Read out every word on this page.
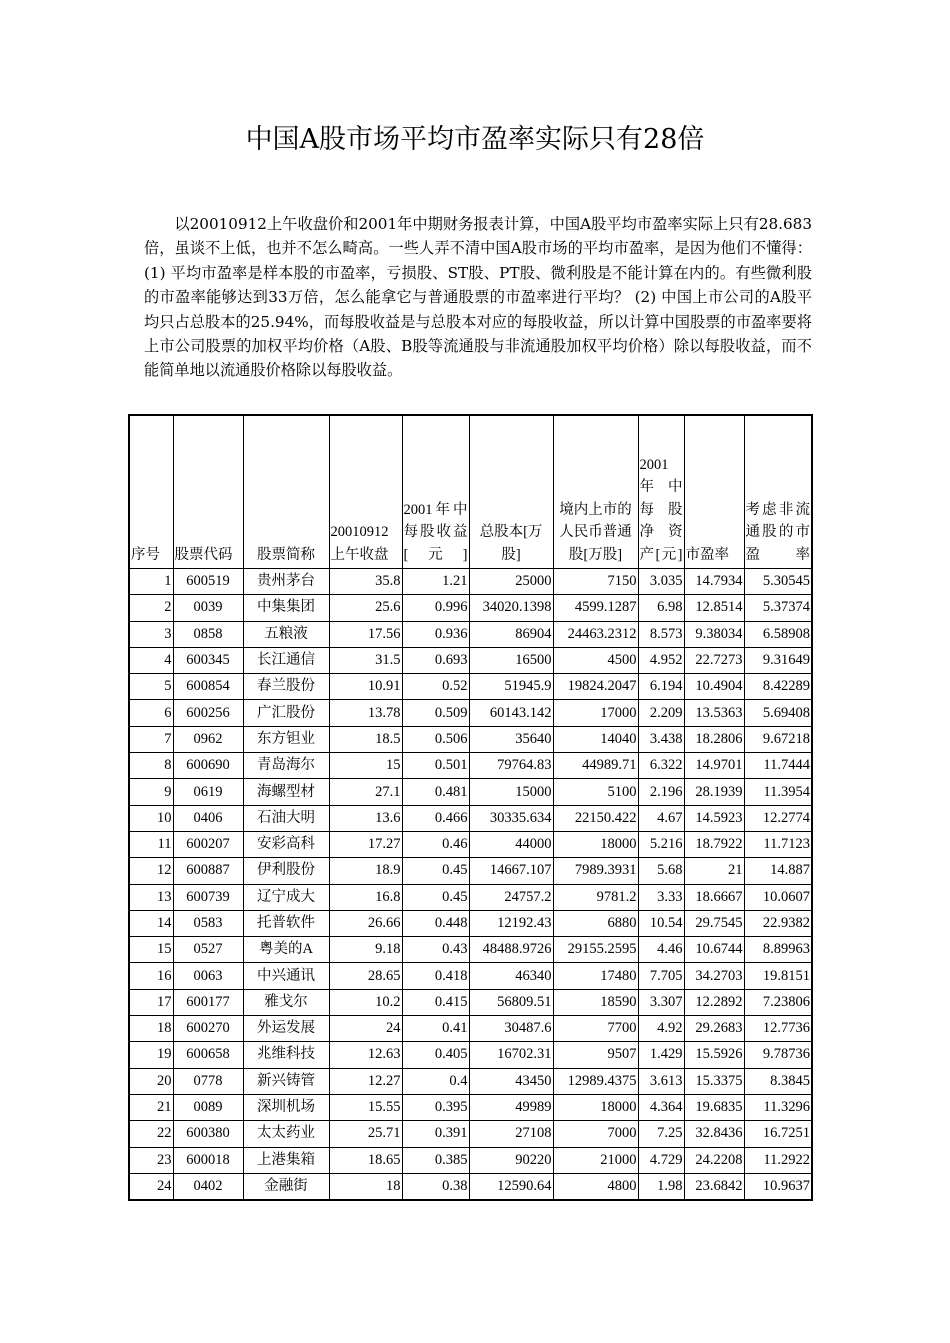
中国A股市场平均市盈率实际只有28倍

以20010912上午收盘价和2001年中期财务报表计算，中国A股平均市盈率实际上只有28.683倍，虽谈不上低，也并不怎么畸高。一些人弄不清中国A股市场的平均市盈率，是因为他们不懂得：(1) 平均市盈率是样本股的市盈率，亏损股、ST股、PT股、微利股是不能计算在内的。有些微利股的市盈率能够达到33万倍，怎么能拿它与普通股票的市盈率进行平均？ (2) 中国上市公司的A股平均只占总股本的25.94%，而每股收益是与总股本对应的每股收益，所以计算中国股票的市盈率要将上市公司股票的加权平均价格（A股、B股等流通股与非流通股加权平均价格）除以每股收益，而不能简单地以流通股价格除以每股收益。

序号	股票代码	股票简称	20010912上午收盘	2001年中每股收益[元]	总股本[万股]	境内上市的人民币普通股[万股]	2001年中每股净资产[元]	市盈率	考虑非流通股的市盈率
1	600519	贵州茅台	35.8	1.21	25000	7150	3.035	14.7934	5.30545
2	0039	中集集团	25.6	0.996	34020.1398	4599.1287	6.98	12.8514	5.37374
3	0858	五粮液	17.56	0.936	86904	24463.2312	8.573	9.38034	6.58908
4	600345	长江通信	31.5	0.693	16500	4500	4.952	22.7273	9.31649
5	600854	春兰股份	10.91	0.52	51945.9	19824.2047	6.194	10.4904	8.42289
6	600256	广汇股份	13.78	0.509	60143.142	17000	2.209	13.5363	5.69408
7	0962	东方钽业	18.5	0.506	35640	14040	3.438	18.2806	9.67218
8	600690	青岛海尔	15	0.501	79764.83	44989.71	6.322	14.9701	11.7444
9	0619	海螺型材	27.1	0.481	15000	5100	2.196	28.1939	11.3954
10	0406	石油大明	13.6	0.466	30335.634	22150.422	4.67	14.5923	12.2774
11	600207	安彩高科	17.27	0.46	44000	18000	5.216	18.7922	11.7123
12	600887	伊利股份	18.9	0.45	14667.107	7989.3931	5.68	21	14.887
13	600739	辽宁成大	16.8	0.45	24757.2	9781.2	3.33	18.6667	10.0607
14	0583	托普软件	26.66	0.448	12192.43	6880	10.54	29.7545	22.9382
15	0527	粤美的A	9.18	0.43	48488.9726	29155.2595	4.46	10.6744	8.89963
16	0063	中兴通讯	28.65	0.418	46340	17480	7.705	34.2703	19.8151
17	600177	雅戈尔	10.2	0.415	56809.51	18590	3.307	12.2892	7.23806
18	600270	外运发展	24	0.41	30487.6	7700	4.92	29.2683	12.7736
19	600658	兆维科技	12.63	0.405	16702.31	9507	1.429	15.5926	9.78736
20	0778	新兴铸管	12.27	0.4	43450	12989.4375	3.613	15.3375	8.3845
21	0089	深圳机场	15.55	0.395	49989	18000	4.364	19.6835	11.3296
22	600380	太太药业	25.71	0.391	27108	7000	7.25	32.8436	16.7251
23	600018	上港集箱	18.65	0.385	90220	21000	4.729	24.2208	11.2922
24	0402	金融街	18	0.38	12590.64	4800	1.98	23.6842	10.9637
